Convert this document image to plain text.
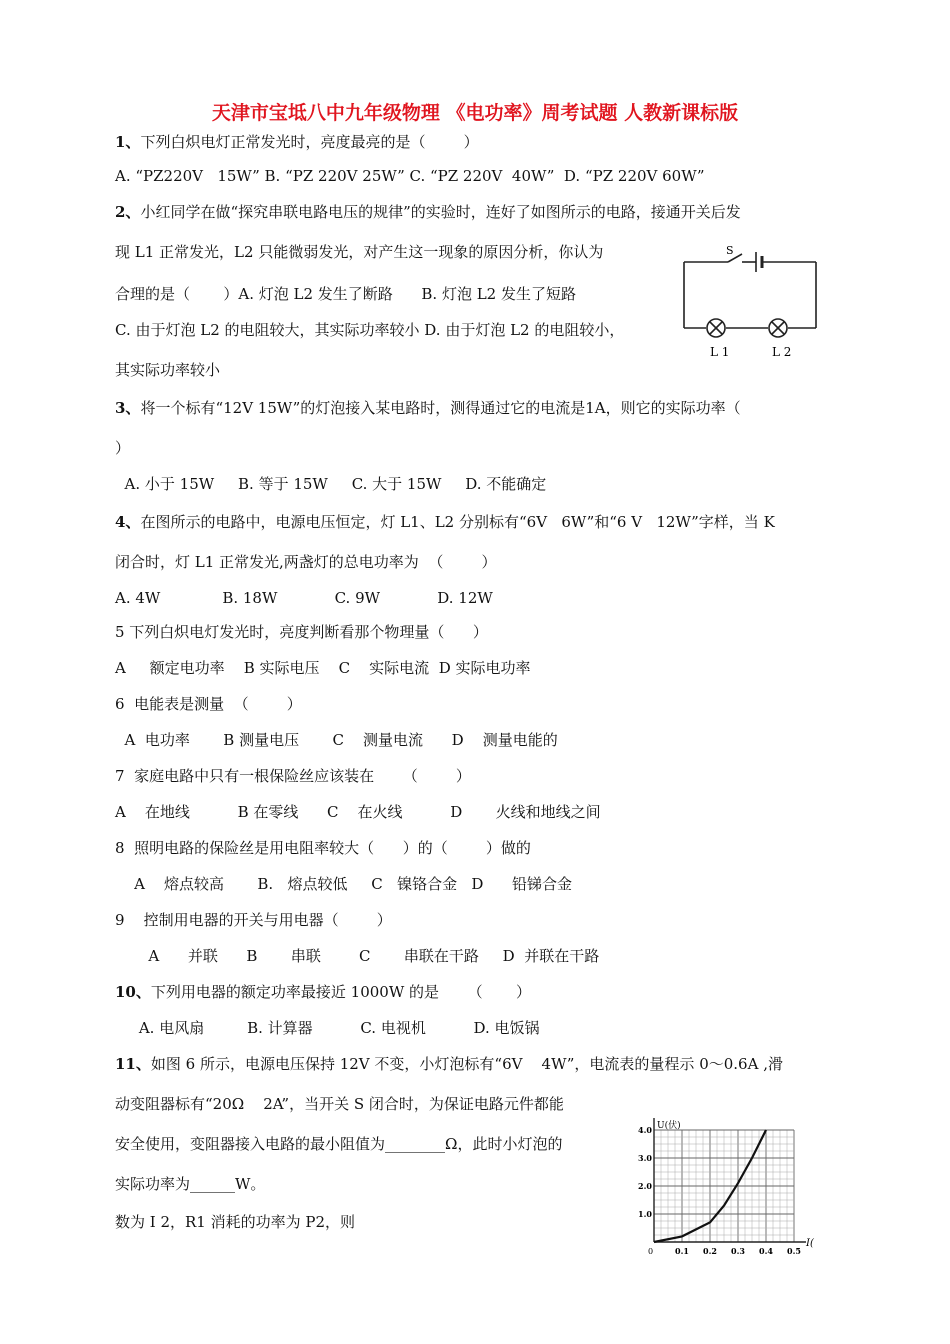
天津市宝坻八中九年级物理 《电功率》周考试题 人教新课标版
1、下列白炽电灯正常发光时，亮度最亮的是（        ）
A. “PZ220V   15W” B. “PZ 220V 25W” C. “PZ 220V  40W”  D. “PZ 220V 60W”
2、小红同学在做“探究串联电路电压的规律”的实验时，连好了如图所示的电路，接通开关后发
现 L1 正常发光，L2 只能微弱发光，对产生这一现象的原因分析，你认为
合理的是（       ）A. 灯泡 L2 发生了断路      B. 灯泡 L2 发生了短路
C. 由于灯泡 L2 的电阻较大，其实际功率较小 D. 由于灯泡 L2 的电阻较小，
其实际功率较小
3、将一个标有“12V 15W”的灯泡接入某电路时，测得通过它的电流是1A，则它的实际功率（
）
A. 小于 15W     B. 等于 15W     C. 大于 15W     D. 不能确定
4、在图所示的电路中，电源电压恒定，灯 L1、L2 分别标有“6V   6W”和“6 V   12W”字样，当 K
闭合时，灯 L1 正常发光,两盏灯的总电功率为  （        ）
A. 4W             B. 18W            C. 9W            D. 12W
5 下列白炽电灯发光时，亮度判断看那个物理量（      ）
A     额定电功率    B 实际电压    C    实际电流  D 实际电功率
6  电能表是测量  （        ）
A  电功率       B 测量电压       C    测量电流      D    测量电能的
7  家庭电路中只有一根保险丝应该装在      （        ）
A    在地线          B 在零线      C    在火线          D       火线和地线之间
8  照明电路的保险丝是用电阻率较大（      ）的（        ）做的
A    熔点较高       B.   熔点较低     C   镍铬合金   D      铅锑合金
9    控制用电器的开关与用电器（        ）
A      并联      B       串联        C       串联在干路     D  并联在干路
10、下列用电器的额定功率最接近 1000W 的是      （       ）
A. 电风扇         B. 计算器          C. 电视机          D. 电饭锅
11、如图 6 所示，电源电压保持 12V 不变，小灯泡标有“6V    4W”，电流表的量程示 0～0.6A ,滑
动变阻器标有“20Ω    2A”，当开关 S 闭合时，为保证电路元件都能
安全使用，变阻器接入电路的最小阻值为________Ω，此时小灯泡的
实际功率为______W。
数为 I 2，R1 消耗的功率为 P2，则
S
L 1	L 2
0.1 0.2 0.3 0.4 0.5
1.0
2.0
3.0
4.0
0
U(伏)
I(
